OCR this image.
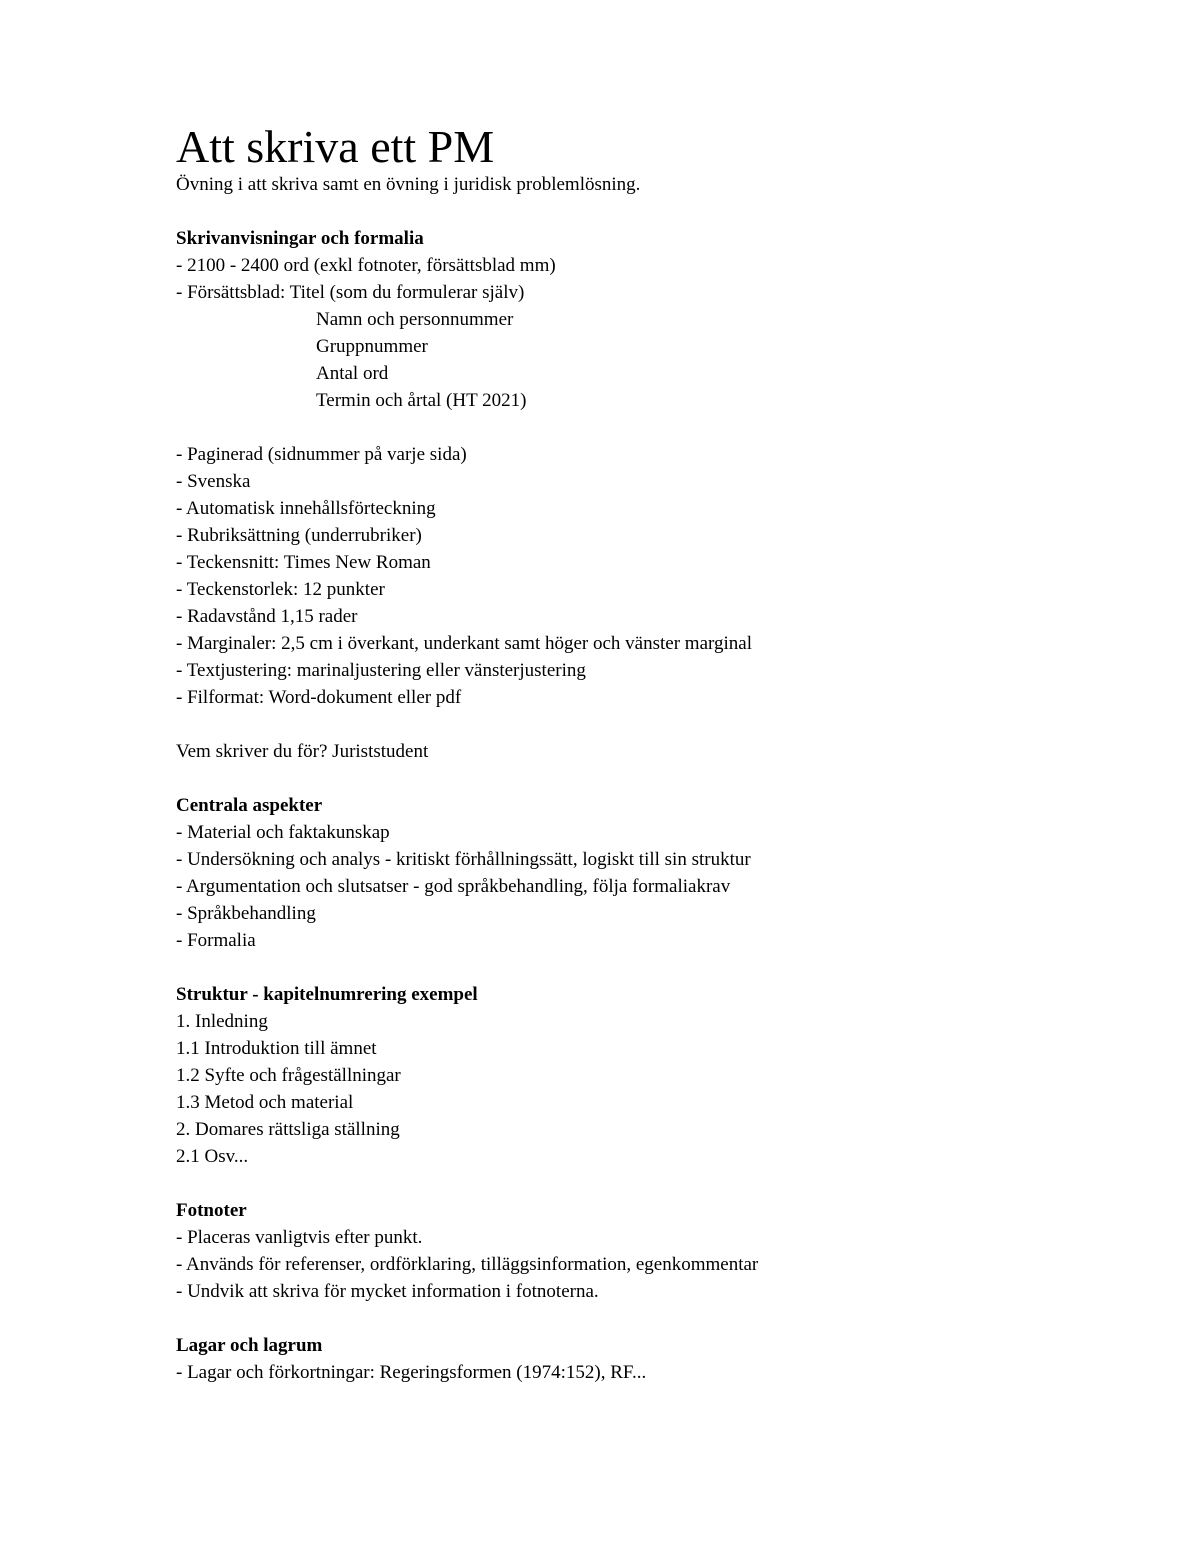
Att skriva ett PM

Övning i att skriva samt en övning i juridisk problemlösning.

Skrivanvisningar och formalia

- 2100 - 2400 ord (exkl fotnoter, försättsblad mm)

- Försättsblad: Titel (som du formulerar själv)

Namn och personnummer

Gruppnummer

Antal ord

Termin och årtal (HT 2021)

- Paginerad (sidnummer på varje sida)

- Svenska

- Automatisk innehållsförteckning

- Rubriksättning (underrubriker)

- Teckensnitt: Times New Roman

- Teckenstorlek: 12 punkter

- Radavstånd 1,15 rader

- Marginaler: 2,5 cm i överkant, underkant samt höger och vänster marginal

- Textjustering: marinaljustering eller vänsterjustering

- Filformat: Word-dokument eller pdf

Vem skriver du för? Juriststudent

Centrala aspekter

- Material och faktakunskap

- Undersökning och analys - kritiskt förhållningssätt, logiskt till sin struktur

- Argumentation och slutsatser - god språkbehandling, följa formaliakrav

- Språkbehandling

- Formalia

Struktur - kapitelnumrering exempel

1. Inledning

1.1 Introduktion till ämnet

1.2 Syfte och frågeställningar

1.3 Metod och material

2. Domares rättsliga ställning

2.1 Osv...

Fotnoter

- Placeras vanligtvis efter punkt.

- Används för referenser, ordförklaring, tilläggsinformation, egenkommentar

- Undvik att skriva för mycket information i fotnoterna.

Lagar och lagrum

- Lagar och förkortningar: Regeringsformen (1974:152), RF...
